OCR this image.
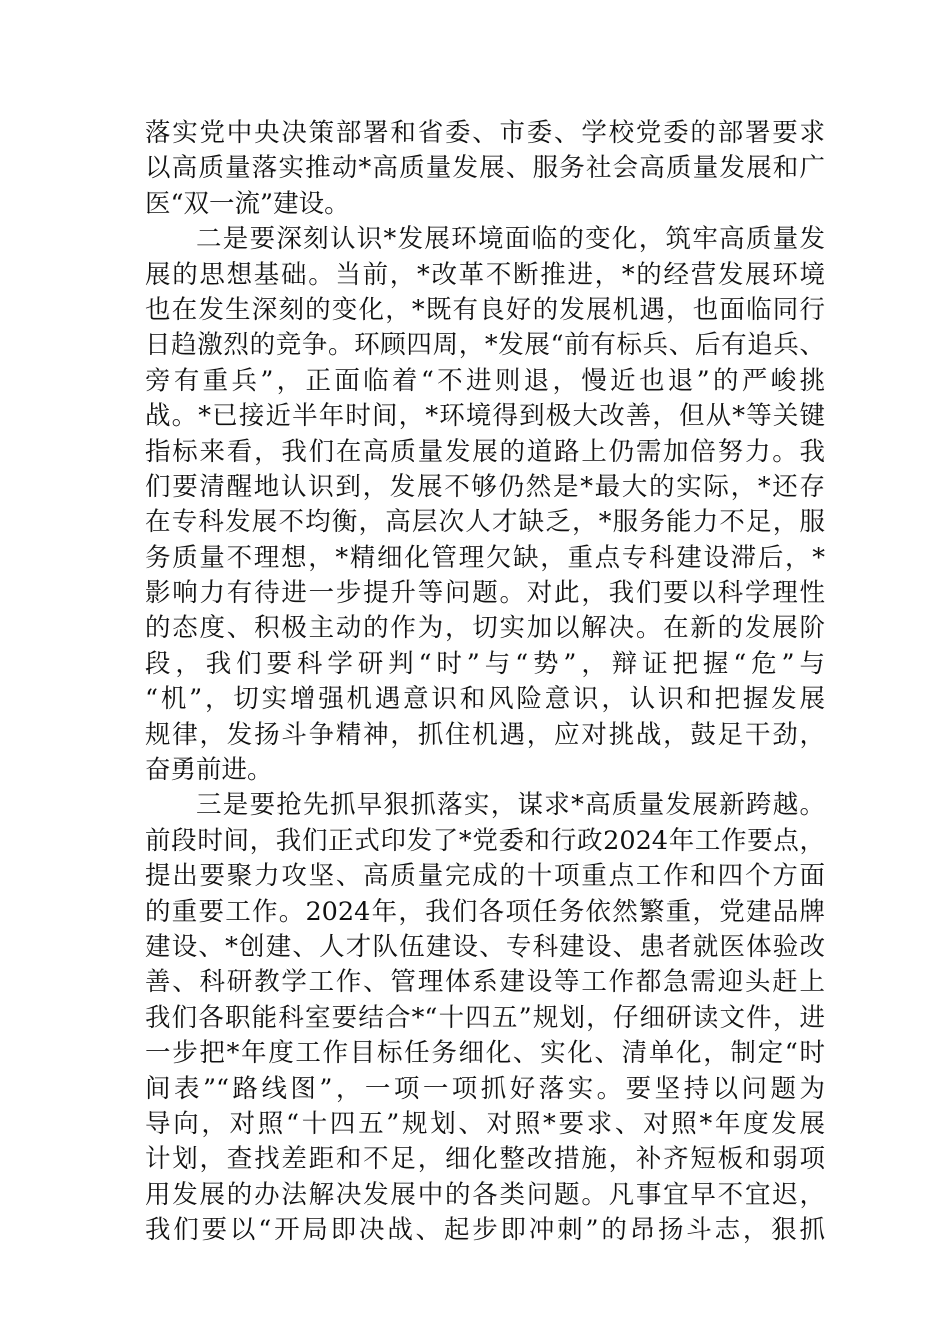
落实党中央决策部署和省委、市委、学校党委的部署要求
以高质量落实推动*高质量发展、服务社会高质量发展和广
医“双一流”建设。
二是要深刻认识*发展环境面临的变化，筑牢高质量发
展的思想基础。当前，*改革不断推进，*的经营发展环境
也在发生深刻的变化，*既有良好的发展机遇，也面临同行
日趋激烈的竞争。环顾四周，*发展“前有标兵、后有追兵、
旁有重兵”，正面临着“不进则退，慢近也退”的严峻挑
战。*已接近半年时间，*环境得到极大改善，但从*等关键
指标来看，我们在高质量发展的道路上仍需加倍努力。我
们要清醒地认识到，发展不够仍然是*最大的实际，*还存
在专科发展不均衡，高层次人才缺乏，*服务能力不足，服
务质量不理想，*精细化管理欠缺，重点专科建设滞后，*
影响力有待进一步提升等问题。对此，我们要以科学理性
的态度、积极主动的作为，切实加以解决。在新的发展阶
段，我们要科学研判“时”与“势”，辩证把握“危”与
“机”，切实增强机遇意识和风险意识，认识和把握发展
规律，发扬斗争精神，抓住机遇，应对挑战，鼓足干劲，
奋勇前进。
三是要抢先抓早狠抓落实，谋求*高质量发展新跨越。
前段时间，我们正式印发了*党委和行政2024年工作要点，
提出要聚力攻坚、高质量完成的十项重点工作和四个方面
的重要工作。2024年，我们各项任务依然繁重，党建品牌
建设、*创建、人才队伍建设、专科建设、患者就医体验改
善、科研教学工作、管理体系建设等工作都急需迎头赶上
我们各职能科室要结合*“十四五”规划，仔细研读文件，进
一步把*年度工作目标任务细化、实化、清单化，制定“时
间表”“路线图”，一项一项抓好落实。要坚持以问题为
导向，对照“十四五”规划、对照*要求、对照*年度发展
计划，查找差距和不足，细化整改措施，补齐短板和弱项
用发展的办法解决发展中的各类问题。凡事宜早不宜迟，
我们要以“开局即决战、起步即冲刺”的昂扬斗志，狠抓
